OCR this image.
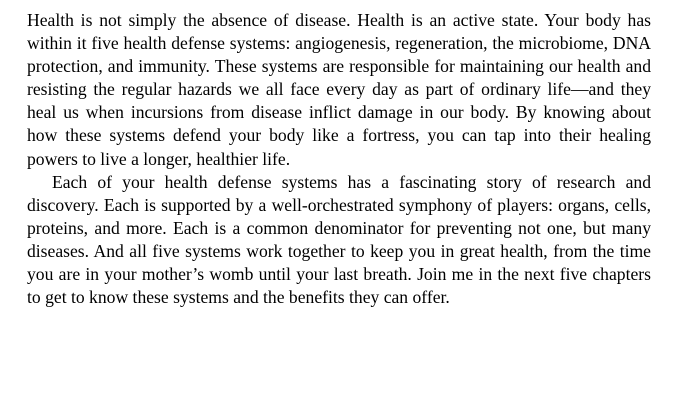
Health is not simply the absence of disease. Health is an active state. Your body has within it five health defense systems: angiogenesis, regeneration, the microbiome, DNA protection, and immunity. These systems are responsible for maintaining our health and resisting the regular hazards we all face every day as part of ordinary life—and they heal us when incursions from disease inflict damage in our body. By knowing about how these systems defend your body like a fortress, you can tap into their healing powers to live a longer, healthier life.

Each of your health defense systems has a fascinating story of research and discovery. Each is supported by a well-orchestrated symphony of players: organs, cells, proteins, and more. Each is a common denominator for preventing not one, but many diseases. And all five systems work together to keep you in great health, from the time you are in your mother’s womb until your last breath. Join me in the next five chapters to get to know these systems and the benefits they can offer.
